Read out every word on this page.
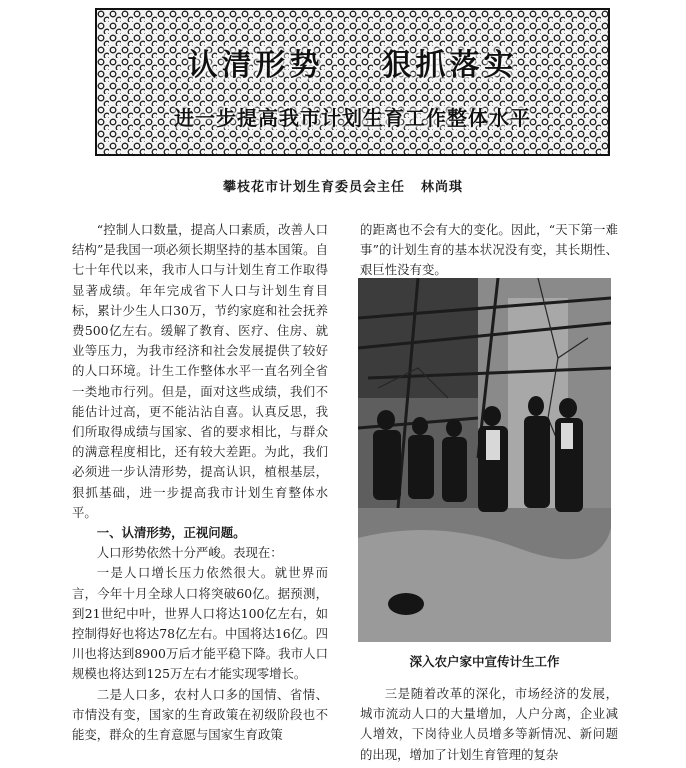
认清形势 狠抓落实
进一步提高我市计划生育工作整体水平
攀枝花市计划生育委员会主任 林尚琪

“控制人口数量，提高人口素质，改善人口结构”是我国一项必须长期坚持的基本国策。自七十年代以来，我市人口与计划生育工作取得显著成绩。年年完成省下人口与计划生育目标，累计少生人口30万，节约家庭和社会抚养费500亿左右。缓解了教育、医疗、住房、就业等压力，为我市经济和社会发展提供了较好的人口环境。计生工作整体水平一直名列全省一类地市行列。但是，面对这些成绩，我们不能估计过高，更不能沾沾自喜。认真反思，我们所取得成绩与国家、省的要求相比，与群众的满意程度相比，还有较大差距。为此，我们必须进一步认清形势，提高认识，植根基层，狠抓基础，进一步提高我市计划生育整体水平。

一、认清形势，正视问题。

人口形势依然十分严峻。表现在：

一是人口增长压力依然很大。就世界而言，今年十月全球人口将突破60亿。据预测，到21世纪中叶，世界人口将达100亿左右，如控制得好也将达78亿左右。中国将达16亿。四川也将达到8900万后才能平稳下降。我市人口规模也将达到125万左右才能实现零增长。

二是人口多，农村人口多的国情、省情、市情没有变，国家的生育政策在初级阶段也不能变，群众的生育意愿与国家生育政策

的距离也不会有大的变化。因此，“天下第一难事”的计划生育的基本状况没有变，其长期性、艰巨性没有变。

深入农户家中宣传计生工作

三是随着改革的深化，市场经济的发展，城市流动人口的大量增加，人户分离，企业减人增效，下岗待业人员增多等新情况、新问题的出现，增加了计划生育管理的复杂
